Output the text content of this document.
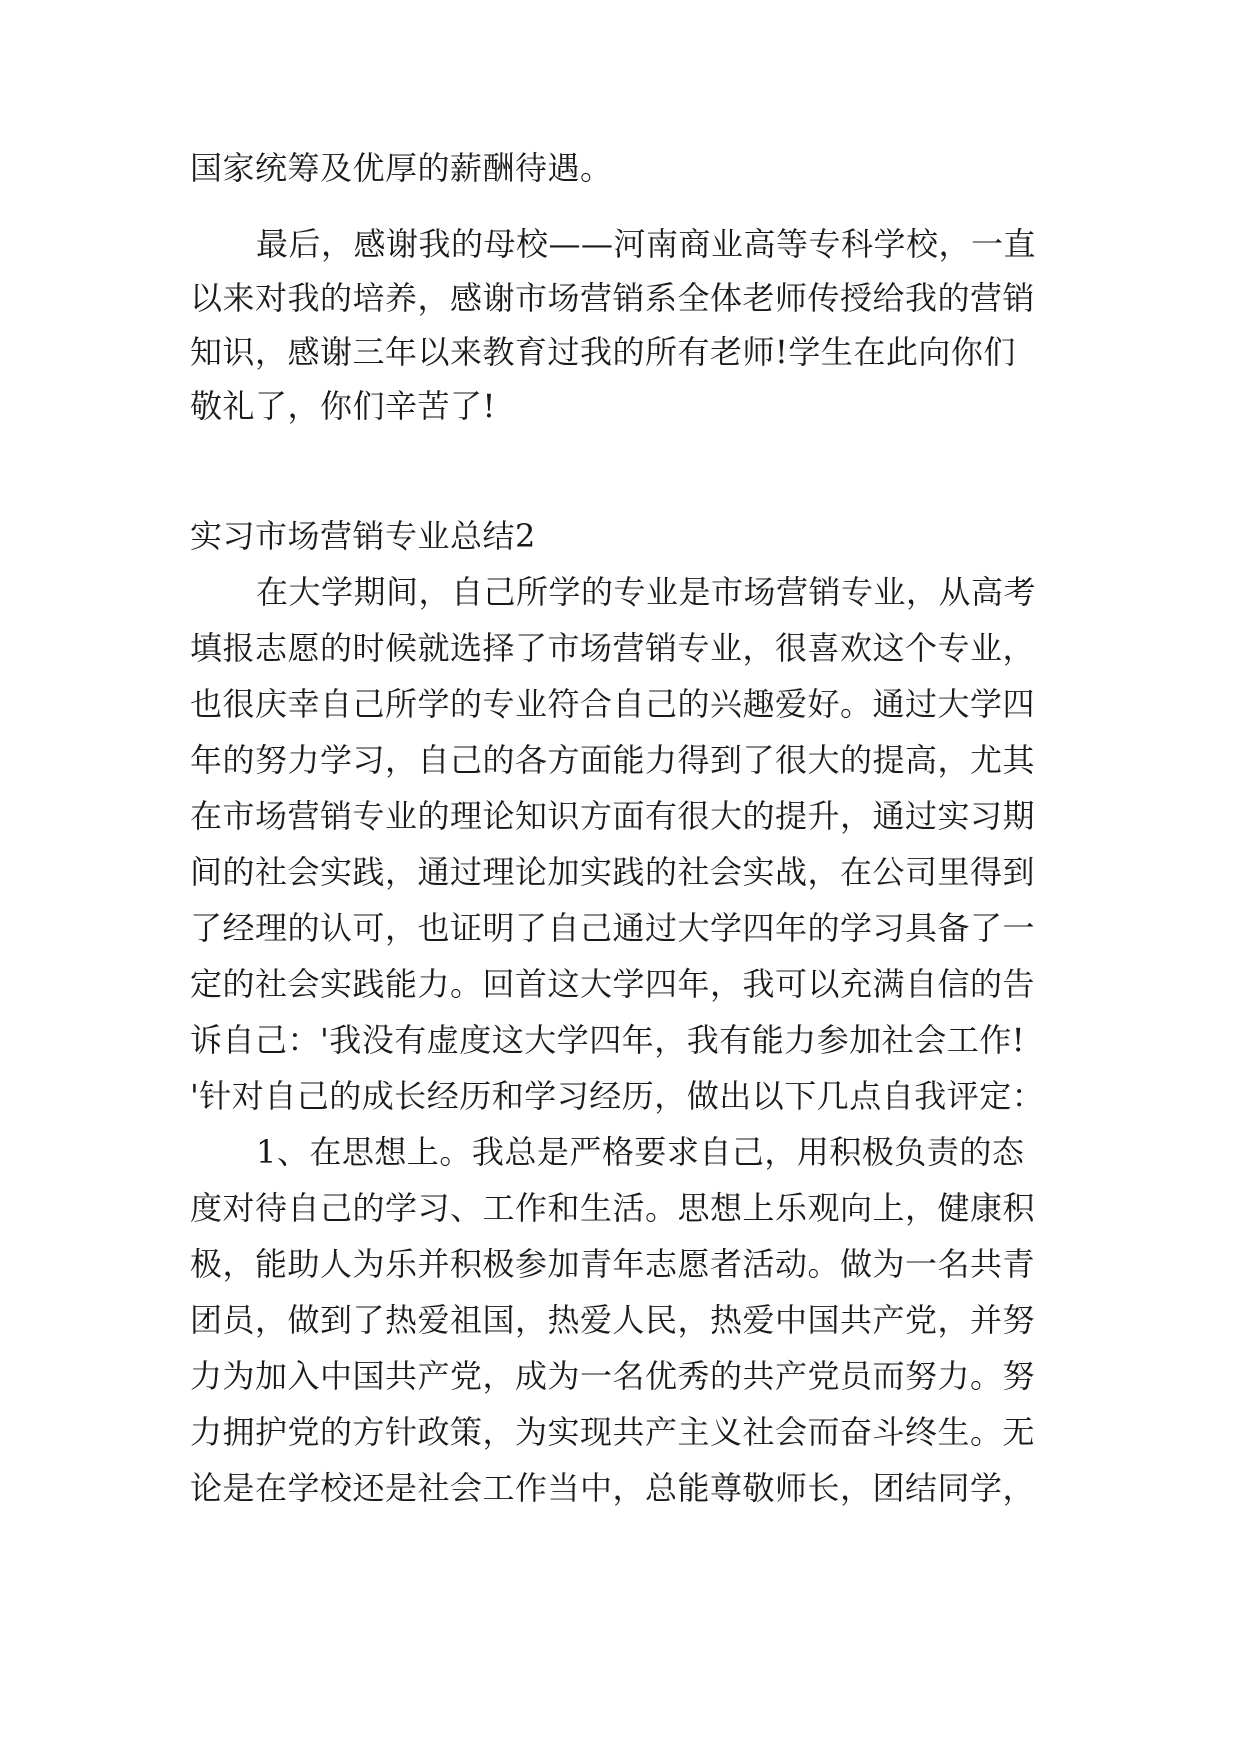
国家统筹及优厚的薪酬待遇。
最后，感谢我的母校——河南商业高等专科学校，一直
以来对我的培养，感谢市场营销系全体老师传授给我的营销
知识，感谢三年以来教育过我的所有老师!学生在此向你们
敬礼了，你们辛苦了!
实习市场营销专业总结2
在大学期间，自己所学的专业是市场营销专业，从高考
填报志愿的时候就选择了市场营销专业，很喜欢这个专业，
也很庆幸自己所学的专业符合自己的兴趣爱好。通过大学四
年的努力学习，自己的各方面能力得到了很大的提高，尤其
在市场营销专业的理论知识方面有很大的提升，通过实习期
间的社会实践，通过理论加实践的社会实战，在公司里得到
了经理的认可，也证明了自己通过大学四年的学习具备了一
定的社会实践能力。回首这大学四年，我可以充满自信的告
诉自己：'我没有虚度这大学四年，我有能力参加社会工作!
'针对自己的成长经历和学习经历，做出以下几点自我评定：
1、在思想上。我总是严格要求自己，用积极负责的态
度对待自己的学习、工作和生活。思想上乐观向上，健康积
极，能助人为乐并积极参加青年志愿者活动。做为一名共青
团员，做到了热爱祖国，热爱人民，热爱中国共产党，并努
力为加入中国共产党，成为一名优秀的共产党员而努力。努
力拥护党的方针政策，为实现共产主义社会而奋斗终生。无
论是在学校还是社会工作当中，总能尊敬师长，团结同学，
